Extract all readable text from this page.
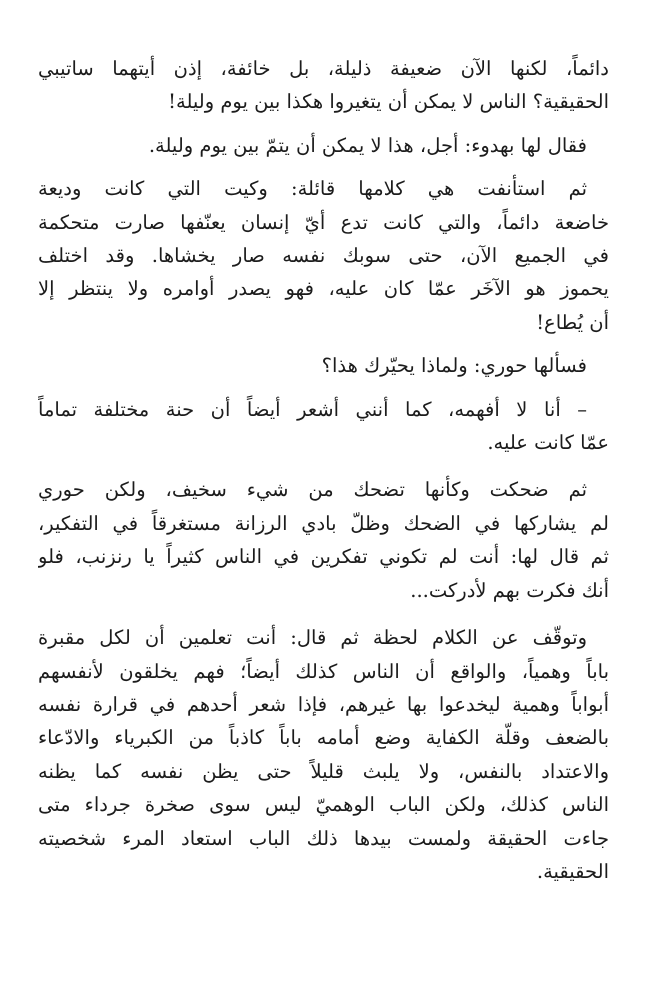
دائماً، لكنها الآن ضعيفة ذليلة، بل خائفة، إذن أيتهما ساتيبي
الحقيقية؟ الناس لا يمكن أن يتغيروا هكذا بين يوم وليلة!
فقال لها بهدوء: أجل، هذا لا يمكن أن يتمّ بين يوم وليلة.
ثم استأنفت هي كلامها قائلة: وكيت التي كانت وديعة
خاضعة دائماً، والتي كانت تدع أيّ إنسان يعنّفها صارت متحكمة
في الجميع الآن، حتى سوبك نفسه صار يخشاها. وقد اختلف
يحموز هو الآخَر عمّا كان عليه، فهو يصدر أوامره ولا ينتظر إلا
أن يُطاع!
فسألها حوري: ولماذا يحيّرك هذا؟
– أنا لا أفهمه، كما أنني أشعر أيضاً أن حنة مختلفة تماماً
عمّا كانت عليه.
ثم ضحكت وكأنها تضحك من شيء سخيف، ولكن حوري
لم يشاركها في الضحك وظلّ بادي الرزانة مستغرقاً في التفكير،
ثم قال لها: أنت لم تكوني تفكرين في الناس كثيراً يا رنزنب، فلو
أنك فكرت بهم لأدركت...
وتوقّف عن الكلام لحظة ثم قال: أنت تعلمين أن لكل مقبرة
باباً وهمياً، والواقع أن الناس كذلك أيضاً؛ فهم يخلقون لأنفسهم
أبواباً وهمية ليخدعوا بها غيرهم، فإذا شعر أحدهم في قرارة نفسه
بالضعف وقلّة الكفاية وضع أمامه باباً كاذباً من الكبرياء والادّعاء
والاعتداد بالنفس، ولا يلبث قليلاً حتى يظن نفسه كما يظنه
الناس كذلك، ولكن الباب الوهميّ ليس سوى صخرة جرداء متى
جاءت الحقيقة ولمست بيدها ذلك الباب استعاد المرء شخصيته
الحقيقية.
